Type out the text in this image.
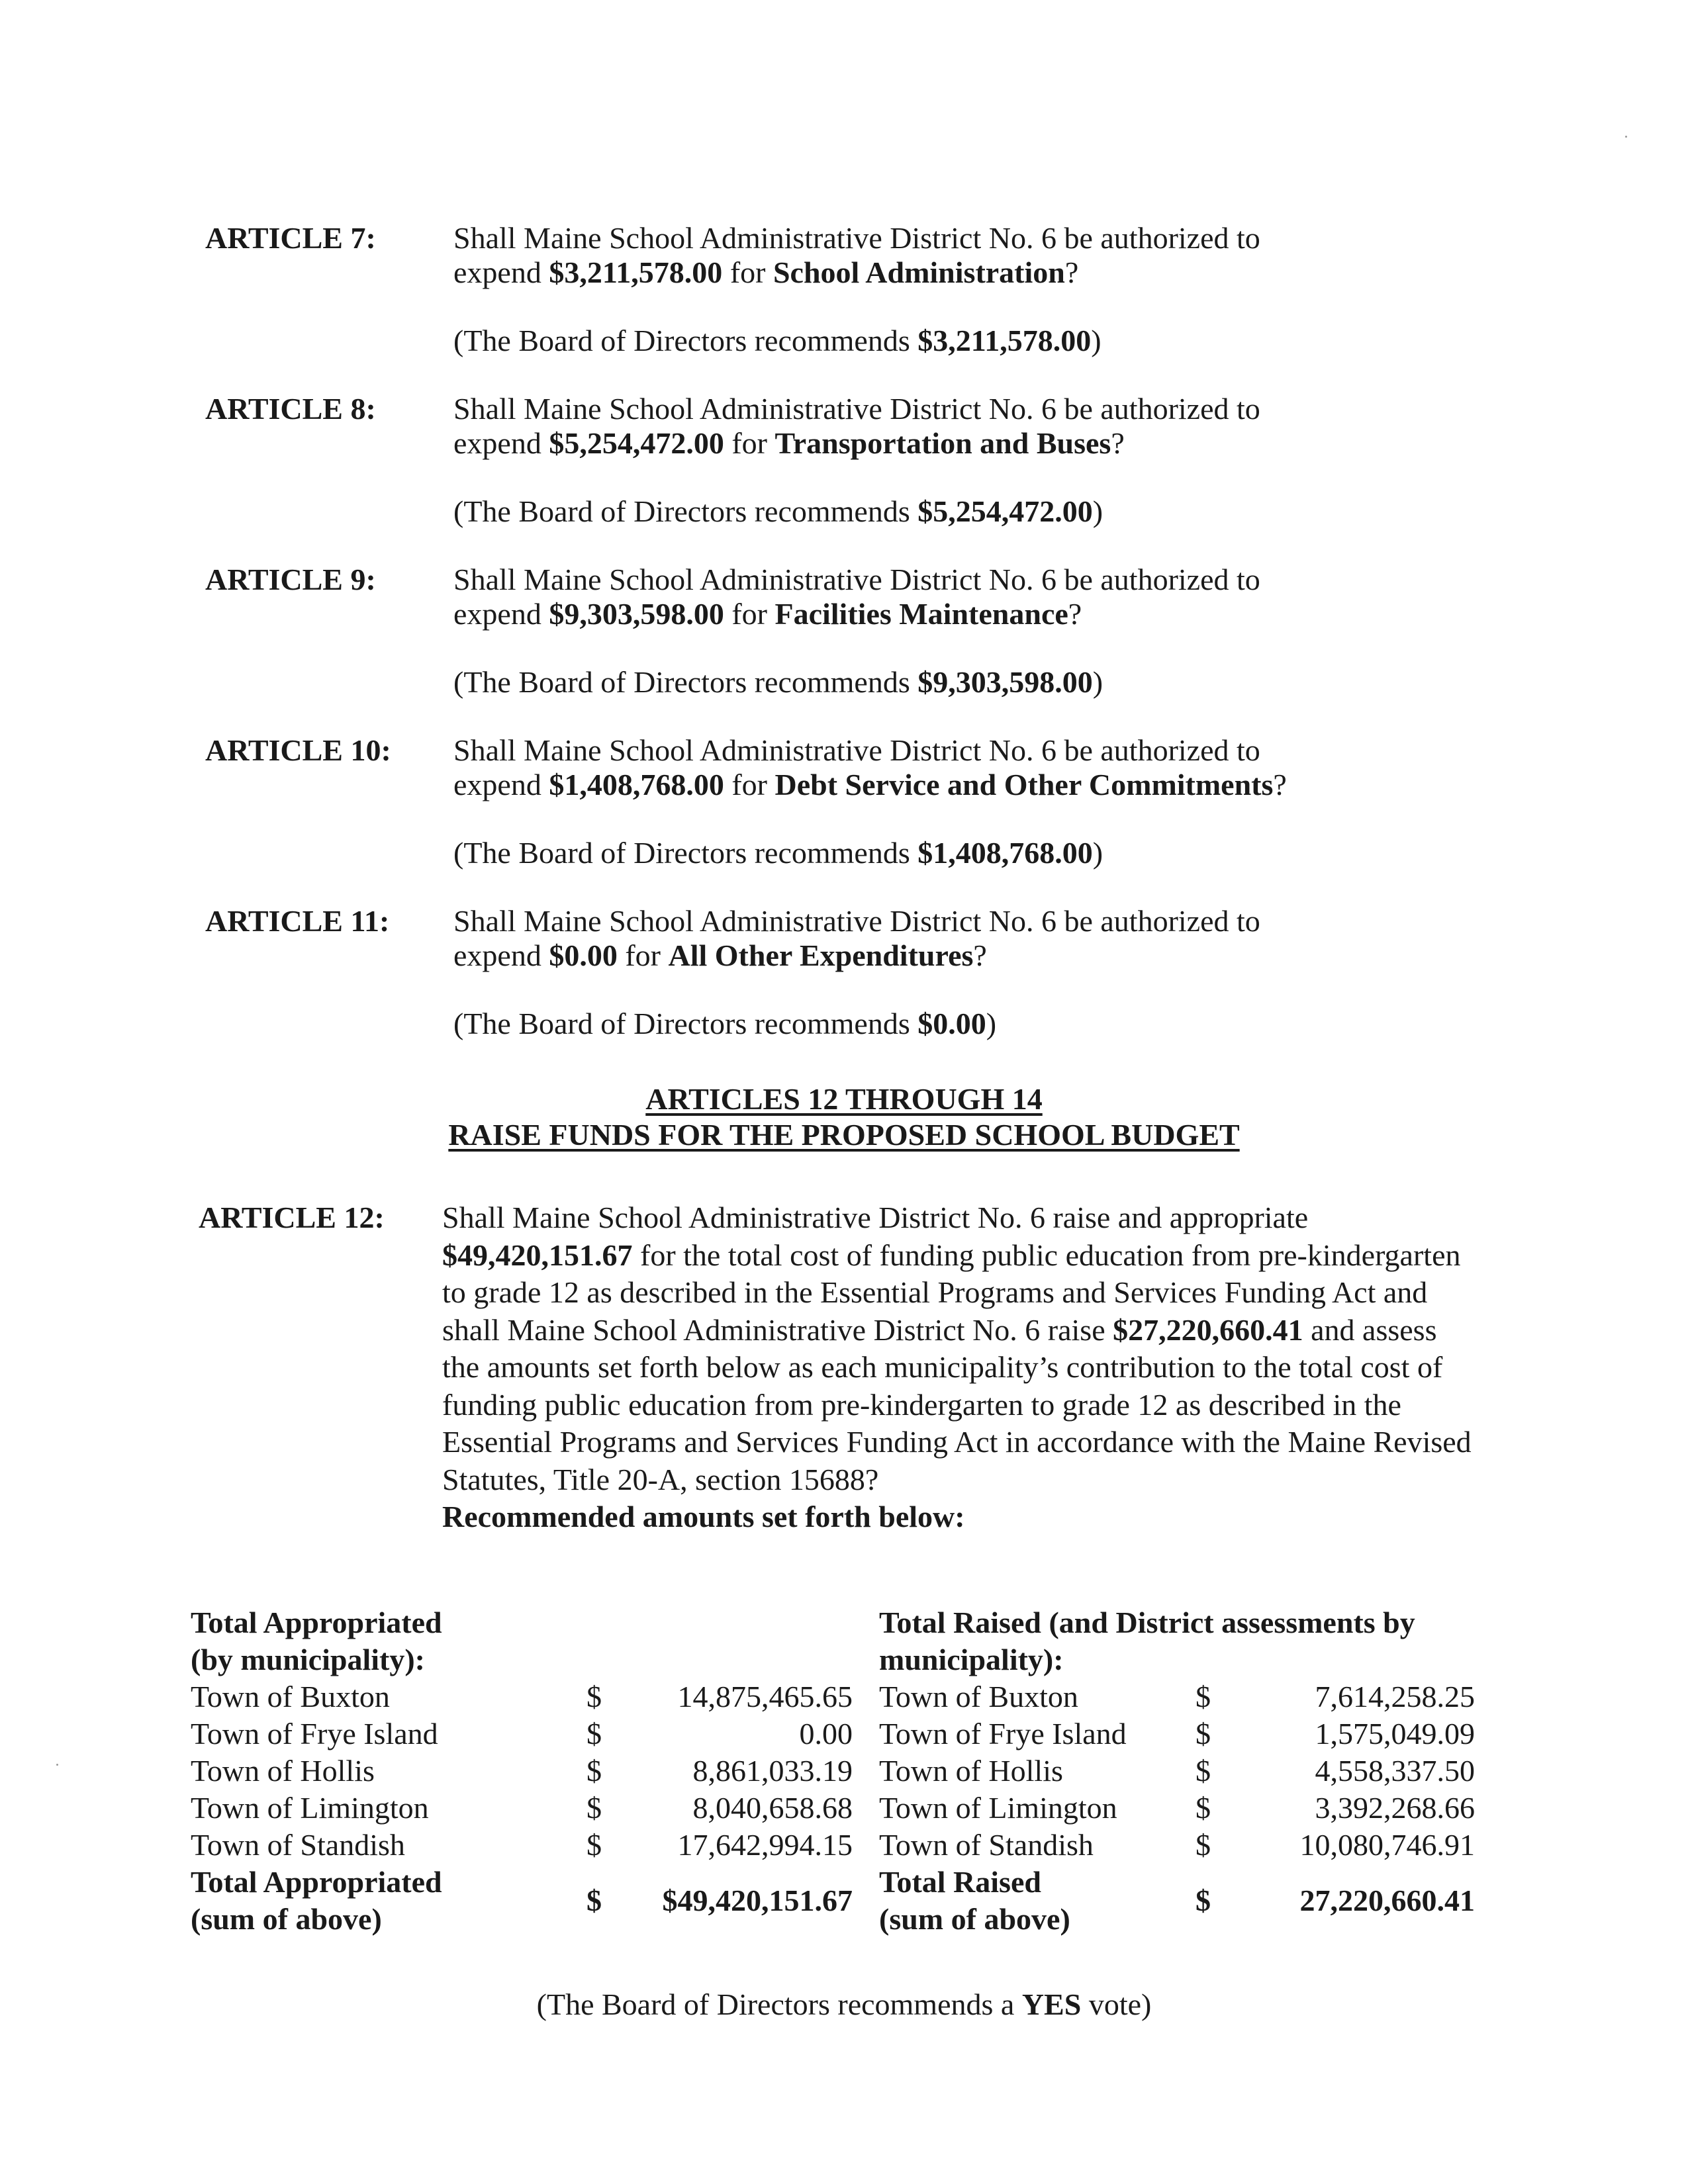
ARTICLE 7:	Shall Maine School Administrative District No. 6 be authorized to
expend $3,211,578.00 for School Administration?
(The Board of Directors recommends $3,211,578.00)
ARTICLE 8:	Shall Maine School Administrative District No. 6 be authorized to
expend $5,254,472.00 for Transportation and Buses?
(The Board of Directors recommends $5,254,472.00)
ARTICLE 9:	Shall Maine School Administrative District No. 6 be authorized to
expend $9,303,598.00 for Facilities Maintenance?
(The Board of Directors recommends $9,303,598.00)
ARTICLE 10: Shall Maine School Administrative District No. 6 be authorized to
expend $1,408,768.00 for Debt Service and Other Commitments?
(The Board of Directors recommends $1,408,768.00)
ARTICLE 11: Shall Maine School Administrative District No. 6 be authorized to
expend $0.00 for All Other Expenditures?
(The Board of Directors recommends $0.00)
ARTICLES 12 THROUGH 14
RAISE FUNDS FOR THE PROPOSED SCHOOL BUDGET
ARTICLE 12: Shall Maine School Administrative District No. 6 raise and appropriate $49,420,151.67 for the total cost of funding public education from pre-kindergarten to grade 12 as described in the Essential Programs and Services Funding Act and shall Maine School Administrative District No. 6 raise $27,220,660.41 and assess the amounts set forth below as each municipality’s contribution to the total cost of funding public education from pre-kindergarten to grade 12 as described in the Essential Programs and Services Funding Act in accordance with the Maine Revised Statutes, Title 20-A, section 15688?
Recommended amounts set forth below:
Total Appropriated
(by municipality):
Town of Buxton	$ 14,875,465.65
Town of Frye Island	$	0.00
Town of Hollis	$	8,861,033.19
Town of Limington	$	8,040,658.68
Town of Standish	$ 17,642,994.15
Total Appropriated
(sum of above)
$ $49,420,151.67
Total Raised (and District assessments by
municipality):
Town of Buxton	$	7,614,258.25
Town of Frye Island $	1,575,049.09
Town of Hollis	$	4,558,337.50
Town of Limington	$	3,392,268.66
Town of Standish	$	10,080,746.91
Total Raised
(sum of above)
$	27,220,660.41
(The Board of Directors recommends a YES vote)
